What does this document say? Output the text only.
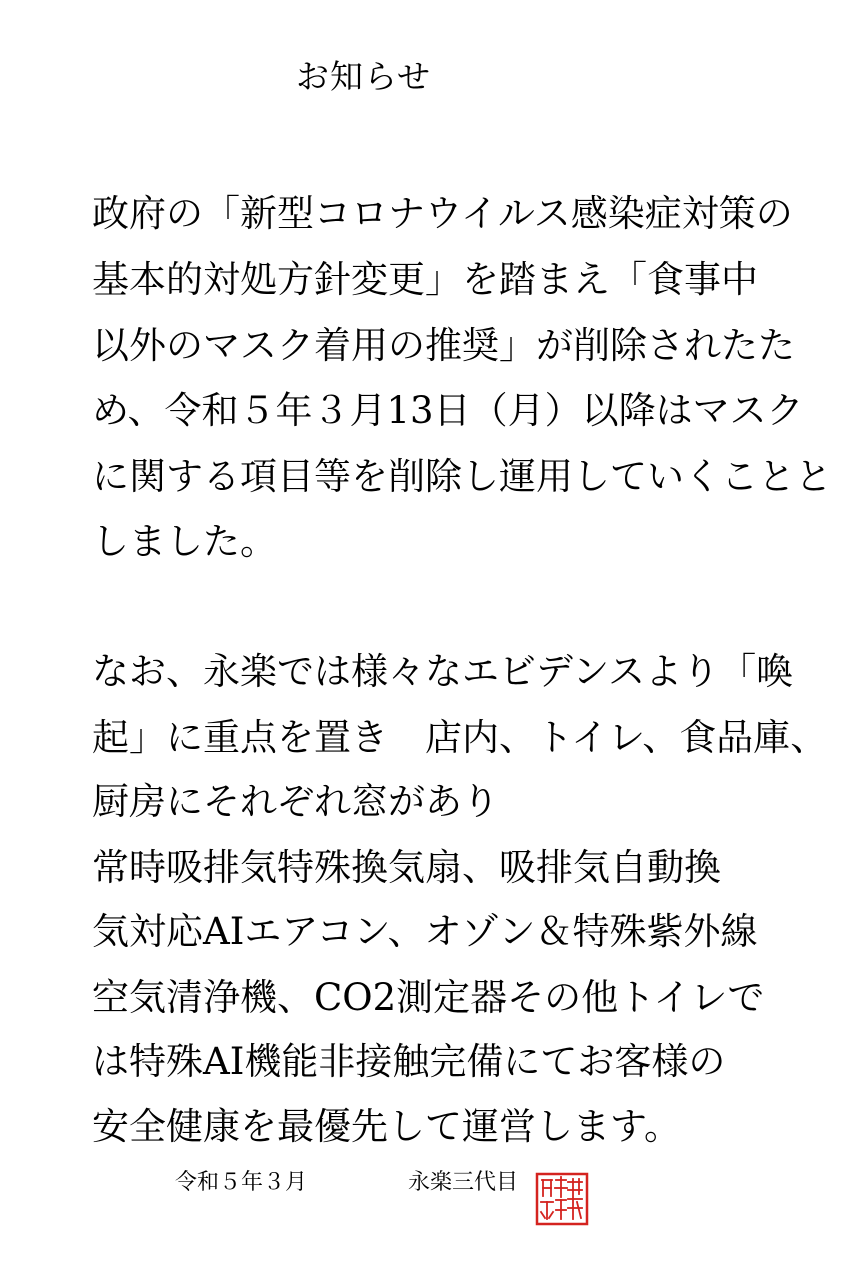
お知らせ
政府の「新型コロナウイルス感染症対策の
基本的対処方針変更」を踏まえ「食事中
以外のマスク着用の推奨」が削除されたた
め、令和５年３月13日（月）以降はマスク
に関する項目等を削除し運用していくことと
しました。
なお、永楽では様々なエビデンスより「喚
起」に重点を置き　店内、トイレ、食品庫、
厨房にそれぞれ窓があり
常時吸排気特殊換気扇、吸排気自動換
気対応AIエアコン、オゾン＆特殊紫外線
空気清浄機、CO2測定器その他トイレで
は特殊AI機能非接触完備にてお客様の
安全健康を最優先して運営します。
令和５年３月	永楽三代目
